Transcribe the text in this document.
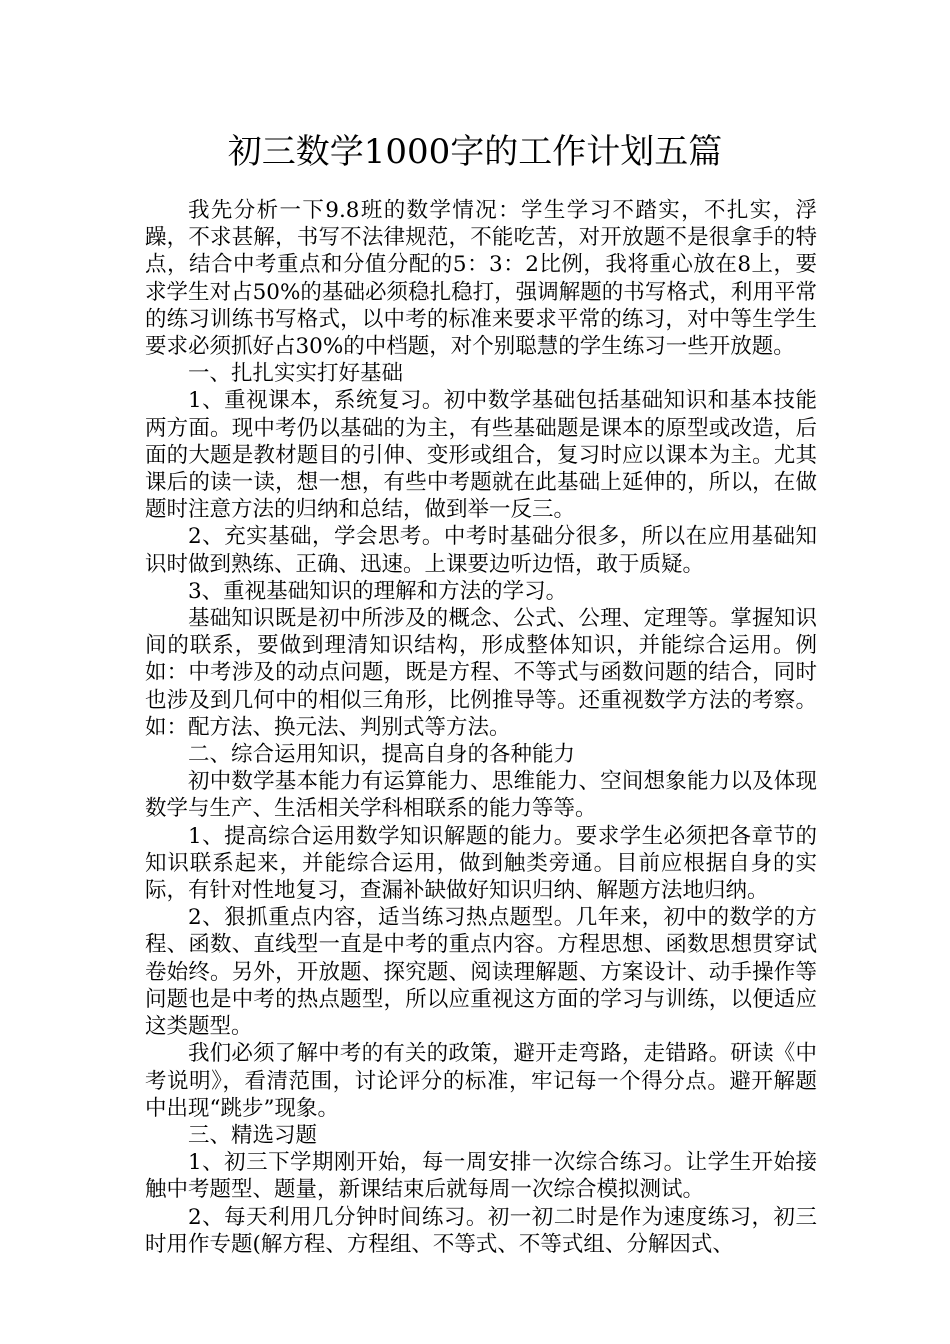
初三数学1000字的工作计划五篇

我先分析一下9.8班的数学情况：学生学习不踏实，不扎实，浮躁，不求甚解，书写不法律规范，不能吃苦，对开放题不是很拿手的特点，结合中考重点和分值分配的5：3：2比例，我将重心放在8上，要求学生对占50%的基础必须稳扎稳打，强调解题的书写格式，利用平常的练习训练书写格式，以中考的标准来要求平常的练习，对中等生学生要求必须抓好占30%的中档题，对个别聪慧的学生练习一些开放题。

一、扎扎实实打好基础

1、重视课本，系统复习。初中数学基础包括基础知识和基本技能两方面。现中考仍以基础的为主，有些基础题是课本的原型或改造，后面的大题是教材题目的引伸、变形或组合，复习时应以课本为主。尤其课后的读一读，想一想，有些中考题就在此基础上延伸的，所以，在做题时注意方法的归纳和总结，做到举一反三。

2、充实基础，学会思考。中考时基础分很多，所以在应用基础知识时做到熟练、正确、迅速。上课要边听边悟，敢于质疑。

3、重视基础知识的理解和方法的学习。

基础知识既是初中所涉及的概念、公式、公理、定理等。掌握知识间的联系，要做到理清知识结构，形成整体知识，并能综合运用。例如：中考涉及的动点问题，既是方程、不等式与函数问题的结合，同时也涉及到几何中的相似三角形，比例推导等。还重视数学方法的考察。如：配方法、换元法、判别式等方法。

二、综合运用知识，提高自身的各种能力

初中数学基本能力有运算能力、思维能力、空间想象能力以及体现数学与生产、生活相关学科相联系的能力等等。

1、提高综合运用数学知识解题的能力。要求学生必须把各章节的知识联系起来，并能综合运用，做到触类旁通。目前应根据自身的实际，有针对性地复习，查漏补缺做好知识归纳、解题方法地归纳。

2、狠抓重点内容，适当练习热点题型。几年来，初中的数学的方程、函数、直线型一直是中考的重点内容。方程思想、函数思想贯穿试卷始终。另外，开放题、探究题、阅读理解题、方案设计、动手操作等问题也是中考的热点题型，所以应重视这方面的学习与训练，以便适应这类题型。

我们必须了解中考的有关的政策，避开走弯路，走错路。研读《中考说明》，看清范围，讨论评分的标准，牢记每一个得分点。避开解题中出现“跳步”现象。

三、精选习题

1、初三下学期刚开始，每一周安排一次综合练习。让学生开始接触中考题型、题量，新课结束后就每周一次综合模拟测试。

2、每天利用几分钟时间练习。初一初二时是作为速度练习，初三时用作专题(解方程、方程组、不等式、不等式组、分解因式、
